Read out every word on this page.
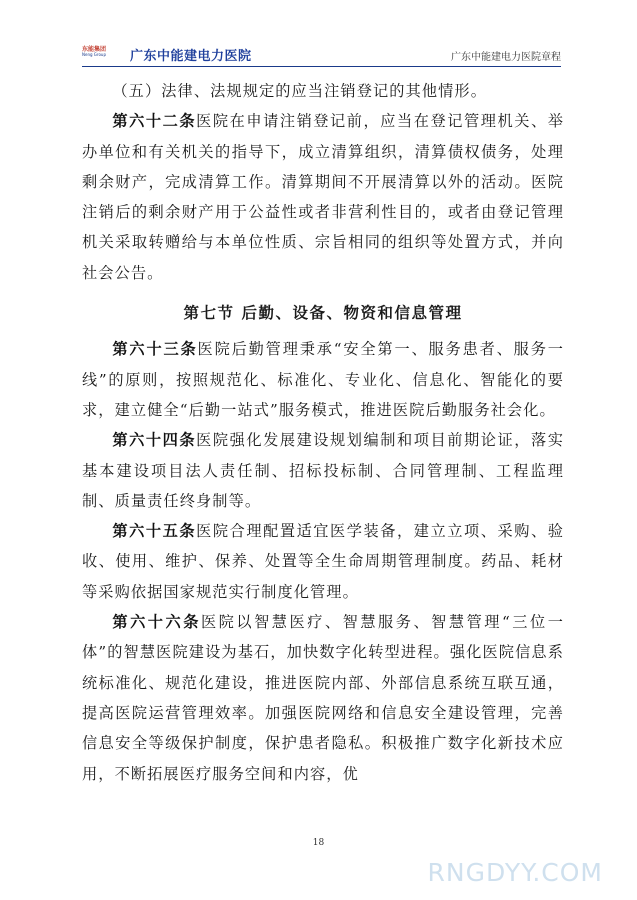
东能集团
Neng Group 广东中能建电力医院	广东中能建电力医院章程

（五）法律、法规规定的应当注销登记的其他情形。

第六十二条医院在申请注销登记前，应当在登记管理机关、举办单位和有关机关的指导下，成立清算组织，清算债权债务，处理剩余财产，完成清算工作。清算期间不开展清算以外的活动。医院注销后的剩余财产用于公益性或者非营利性目的，或者由登记管理机关采取转赠给与本单位性质、宗旨相同的组织等处置方式，并向社会公告。

第七节 后勤、设备、物资和信息管理

第六十三条医院后勤管理秉承“安全第一、服务患者、服务一线”的原则，按照规范化、标准化、专业化、信息化、智能化的要求，建立健全“后勤一站式”服务模式，推进医院后勤服务社会化。

第六十四条医院强化发展建设规划编制和项目前期论证，落实基本建设项目法人责任制、招标投标制、合同管理制、工程监理制、质量责任终身制等。

第六十五条医院合理配置适宜医学装备，建立立项、采购、验收、使用、维护、保养、处置等全生命周期管理制度。药品、耗材等采购依据国家规范实行制度化管理。

第六十六条医院以智慧医疗、智慧服务、智慧管理“三位一体”的智慧医院建设为基石，加快数字化转型进程。强化医院信息系统标准化、规范化建设，推进医院内部、外部信息系统互联互通，提高医院运营管理效率。加强医院网络和信息安全建设管理，完善信息安全等级保护制度，保护患者隐私。积极推广数字化新技术应用，不断拓展医疗服务空间和内容，优

18
RNGDYY.COM
